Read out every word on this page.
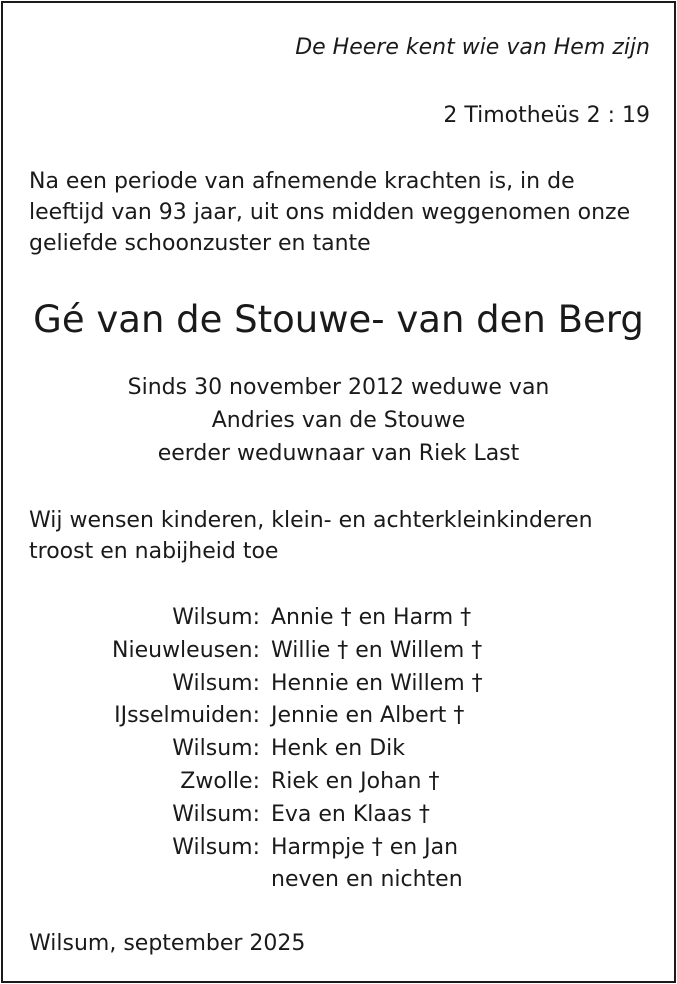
De Heere kent wie van Hem zijn
2 Timotheüs 2 : 19
Na een periode van afnemende krachten is, in de
leeftijd van 93 jaar, uit ons midden weggenomen onze
geliefde schoonzuster en tante
Gé van de Stouwe- van den Berg
Sinds 30 november 2012 weduwe van
Andries van de Stouwe
eerder weduwnaar van Riek Last
Wij wensen kinderen, klein- en achterkleinkinderen
troost en nabijheid toe
Wilsum: Annie † en Harm †
Nieuwleusen: Willie † en Willem †
Wilsum: Hennie en Willem †
IJsselmuiden: Jennie en Albert †
Wilsum: Henk en Dik
Zwolle: Riek en Johan †
Wilsum: Eva en Klaas †
Wilsum: Harmpje † en Jan
neven en nichten
Wilsum, september 2025
